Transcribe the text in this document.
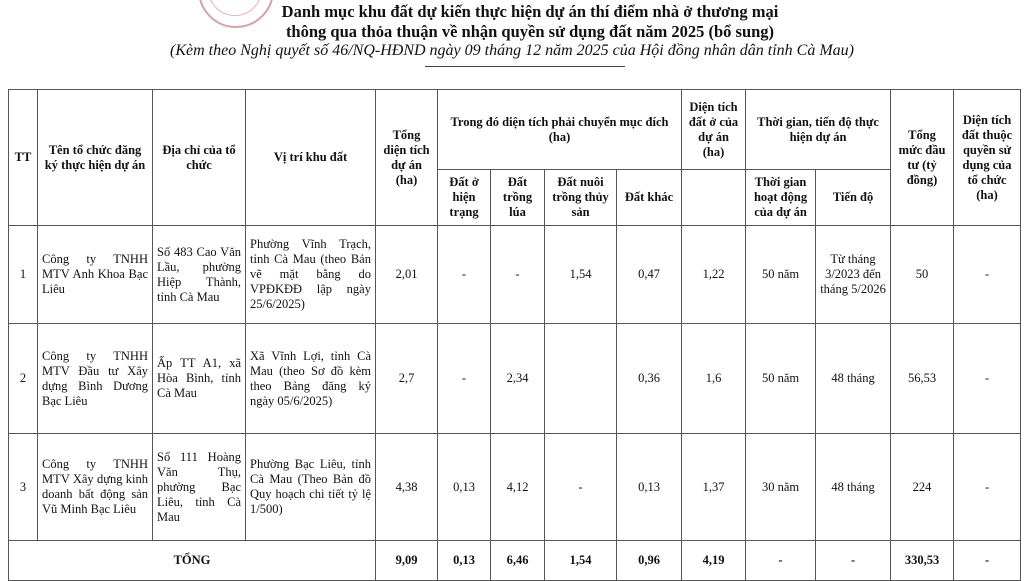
Danh mục khu đất dự kiến thực hiện dự án thí điểm nhà ở thương mại
thông qua thỏa thuận về nhận quyền sử dụng đất năm 2025 (bổ sung)
(Kèm theo Nghị quyết số 46/NQ-HĐND ngày 09 tháng 12 năm 2025 của Hội đồng nhân dân tỉnh Cà Mau)
TT	Tên tổ chức đăng ký thực hiện dự án	Địa chỉ của tổ chức	Vị trí khu đất	Tổng diện tích dự án (ha)	Trong đó diện tích phải chuyển mục đích (ha)				Diện tích đất ở của dự án (ha)	Thời gian, tiến độ thực hiện dự án		Tổng mức đầu tư (tỷ đồng)	Diện tích đất thuộc quyền sử dụng của tổ chức (ha)
					Đất ở hiện trạng	Đất trồng lúa	Đất nuôi trồng thủy sản	Đất khác		Thời gian hoạt động của dự án	Tiến độ		
1	Công ty TNHH MTV Anh Khoa Bạc Liêu	Số 483 Cao Văn Lầu, phường Hiệp Thành, tỉnh Cà Mau	Phường Vĩnh Trạch, tỉnh Cà Mau (theo Bản vẽ mặt bằng do VPĐKĐĐ lập ngày 25/6/2025)	2,01	-	-	1,54	0,47	1,22	50 năm	Từ tháng 3/2023 đến tháng 5/2026	50	-
2	Công ty TNHH MTV Đầu tư Xây dựng Bình Dương Bạc Liêu	Ấp TT A1, xã Hòa Bình, tỉnh Cà Mau	Xã Vĩnh Lợi, tỉnh Cà Mau (theo Sơ đồ kèm theo Bảng đăng ký ngày 05/6/2025)	2,7	-	2,34		0,36	1,6	50 năm	48 tháng	56,53	-
3	Công ty TNHH MTV Xây dựng kinh doanh bất động sản Vũ Minh Bạc Liêu	Số 111 Hoàng Văn Thụ, phường Bạc Liêu, tỉnh Cà Mau	Phường Bạc Liêu, tỉnh Cà Mau (Theo Bản đồ Quy hoạch chi tiết tỷ lệ 1/500)	4,38	0,13	4,12	-	0,13	1,37	30 năm	48 tháng	224	-
TỔNG				9,09	0,13	6,46	1,54	0,96	4,19	-	-	330,53	-
